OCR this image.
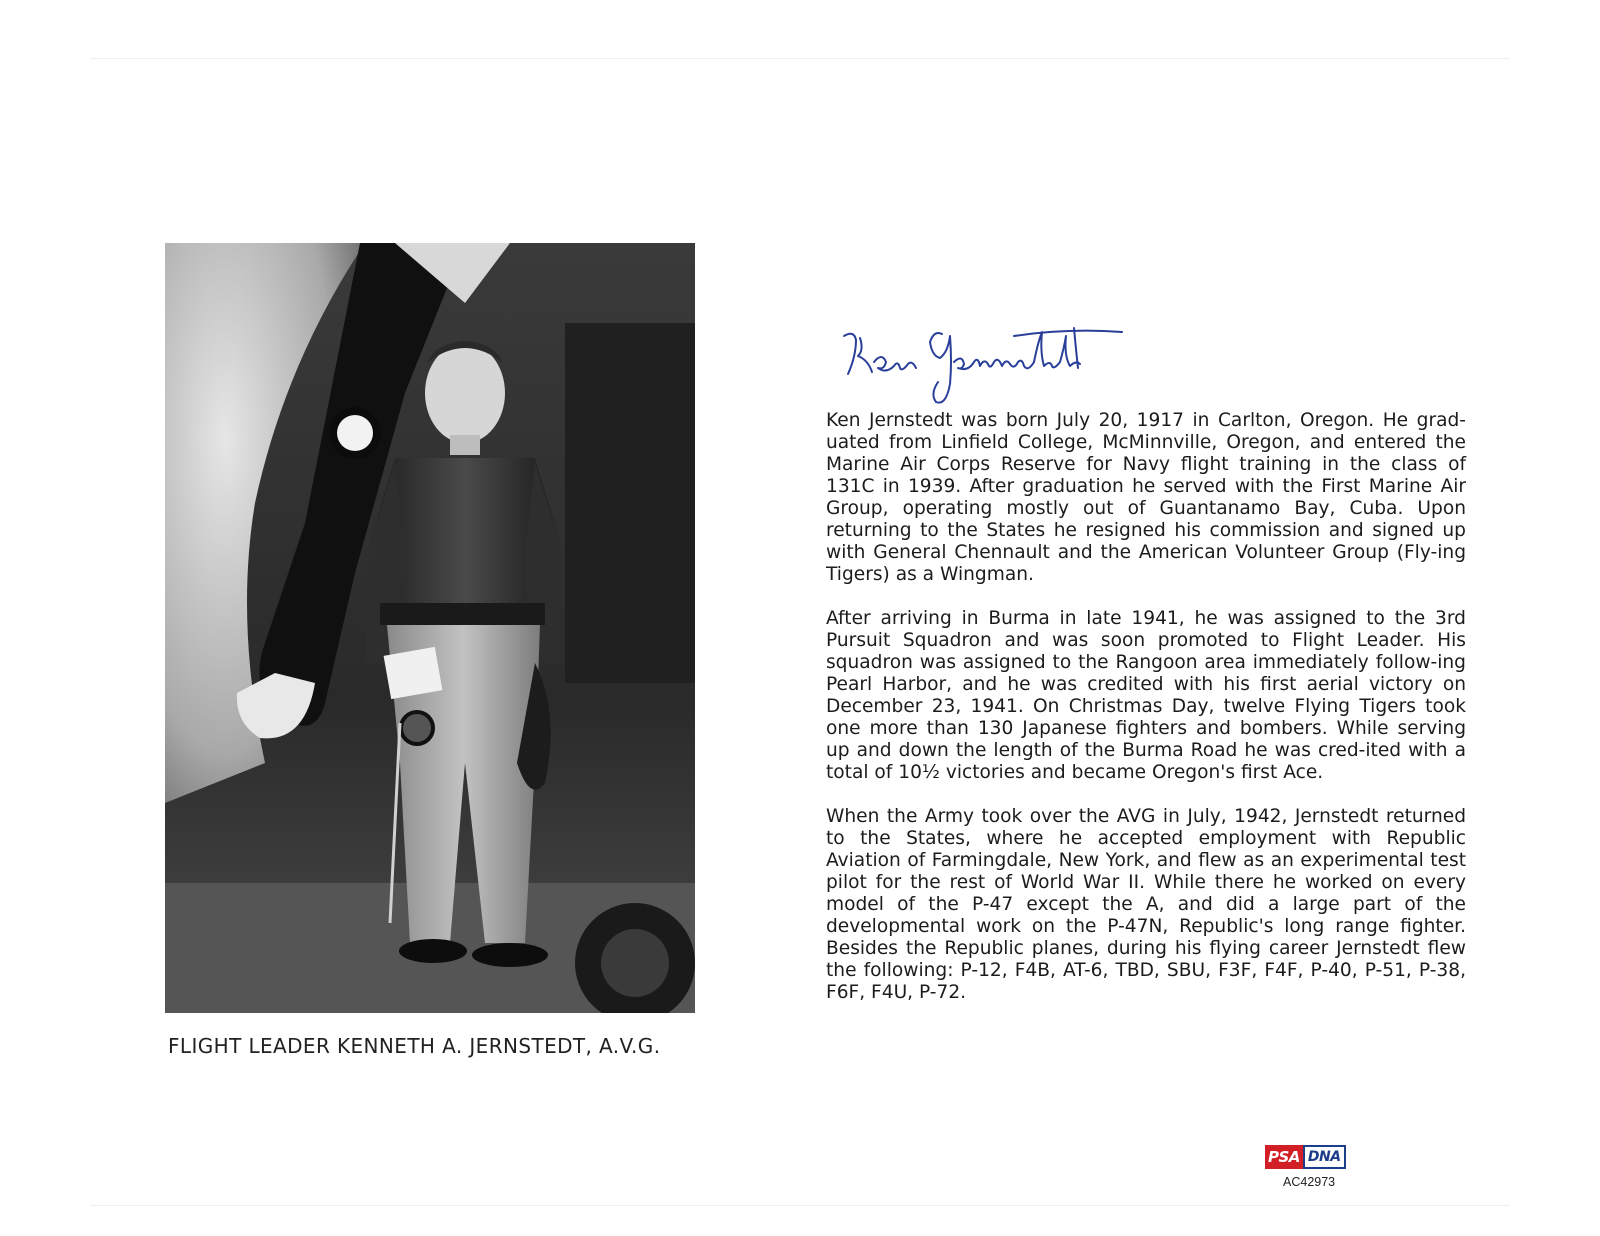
FLIGHT LEADER KENNETH A. JERNSTEDT, A.V.G.

Ken Jernstedt was born July 20, 1917 in Carlton, Oregon. He grad-uated from Linfield College, McMinnville, Oregon, and entered the Marine Air Corps Reserve for Navy flight training in the class of 131C in 1939. After graduation he served with the First Marine Air Group, operating mostly out of Guantanamo Bay, Cuba. Upon returning to the States he resigned his commission and signed up with General Chennault and the American Volunteer Group (Fly-ing Tigers) as a Wingman.

After arriving in Burma in late 1941, he was assigned to the 3rd Pursuit Squadron and was soon promoted to Flight Leader. His squadron was assigned to the Rangoon area immediately follow-ing Pearl Harbor, and he was credited with his first aerial victory on December 23, 1941. On Christmas Day, twelve Flying Tigers took one more than 130 Japanese fighters and bombers. While serving up and down the length of the Burma Road he was cred-ited with a total of 10½ victories and became Oregon's first Ace.

When the Army took over the AVG in July, 1942, Jernstedt returned to the States, where he accepted employment with Republic Aviation of Farmingdale, New York, and flew as an experimental test pilot for the rest of World War II. While there he worked on every model of the P-47 except the A, and did a large part of the developmental work on the P-47N, Republic's long range fighter. Besides the Republic planes, during his flying career Jernstedt flew the following: P-12, F4B, AT-6, TBD, SBU, F3F, F4F, P-40, P-51, P-38, F6F, F4U, P-72.

PSA DNA
AC42973
